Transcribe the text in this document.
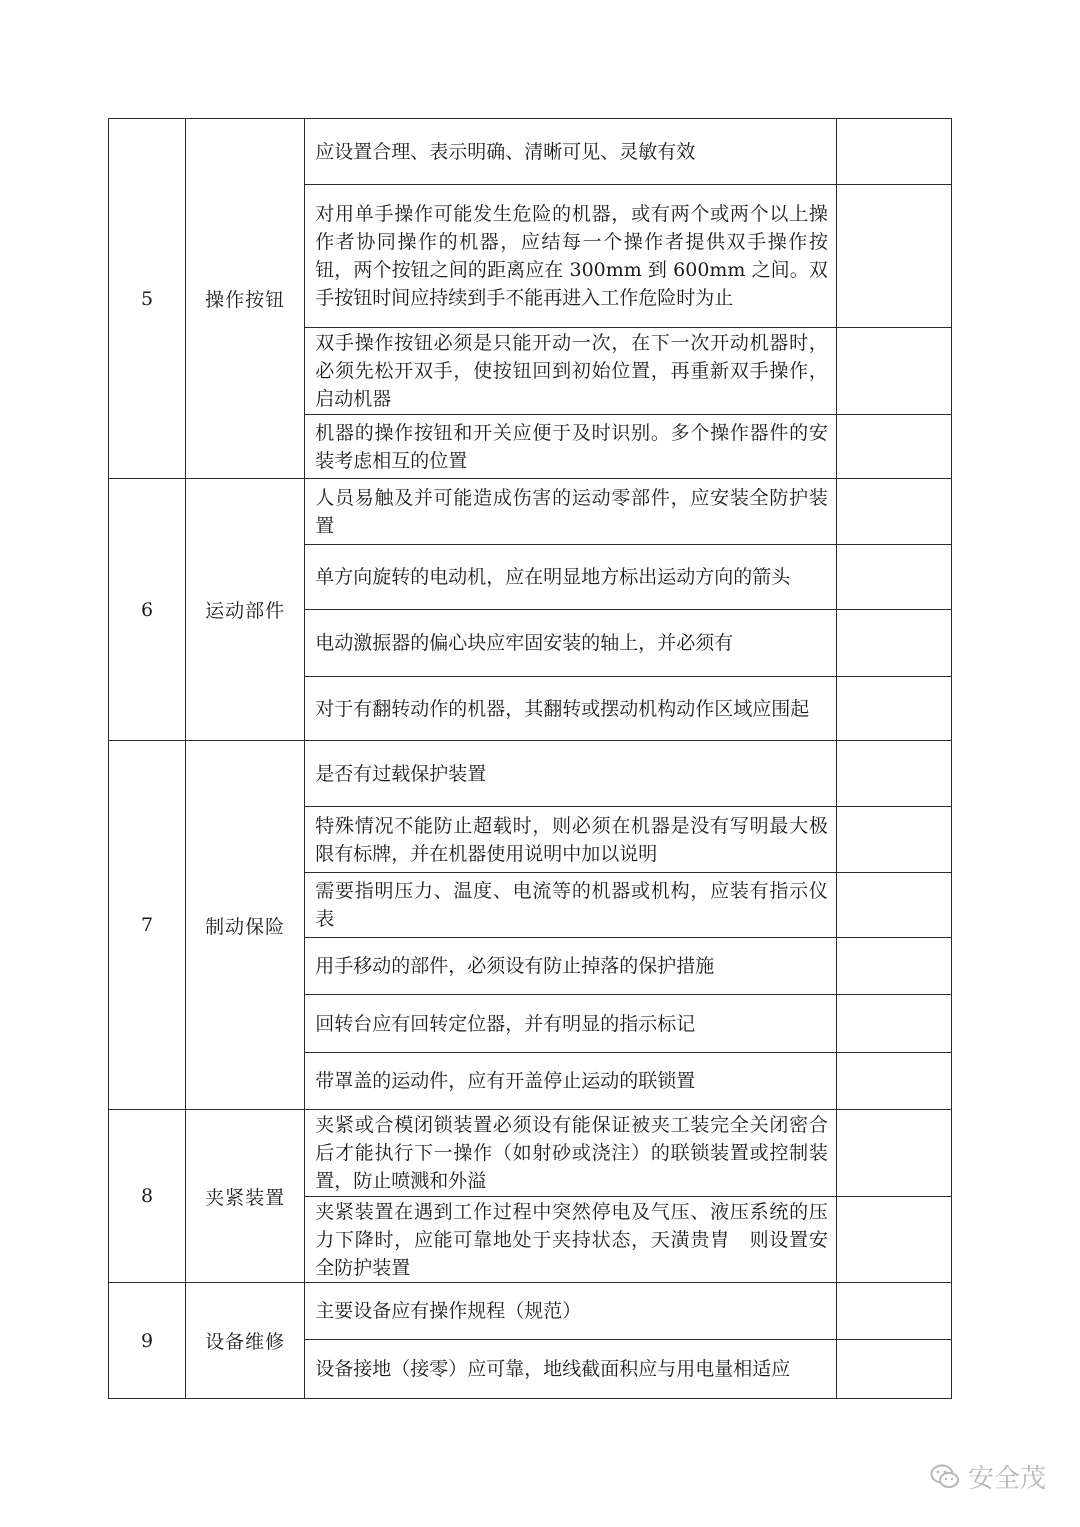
5	操作按钮	应设置合理、表示明确、清晰可见、灵敏有效	
		对用单手操作可能发生危险的机器，或有两个或两个以上操作者协同操作的机器，应结每一个操作者提供双手操作按钮，两个按钮之间的距离应在 300mm 到 600mm 之间。双手按钮时间应持续到手不能再进入工作危险时为止	
		双手操作按钮必须是只能开动一次，在下一次开动机器时，必须先松开双手，使按钮回到初始位置，再重新双手操作，启动机器	
		机器的操作按钮和开关应便于及时识别。多个操作器件的安装考虑相互的位置	
6	运动部件	人员易触及并可能造成伤害的运动零部件，应安装全防护装置	
		单方向旋转的电动机，应在明显地方标出运动方向的箭头	
		电动激振器的偏心块应牢固安装的轴上，并必须有	
		对于有翻转动作的机器，其翻转或摆动机构动作区域应围起	
7	制动保险	是否有过载保护装置	
		特殊情况不能防止超载时，则必须在机器是没有写明最大极限有标牌，并在机器使用说明中加以说明	
		需要指明压力、温度、电流等的机器或机构，应装有指示仪表	
		用手移动的部件，必须设有防止掉落的保护措施	
		回转台应有回转定位器，并有明显的指示标记	
		带罩盖的运动件，应有开盖停止运动的联锁置	
8	夹紧装置	夹紧或合模闭锁装置必须设有能保证被夹工装完全关闭密合后才能执行下一操作（如射砂或浇注）的联锁装置或控制装置，防止喷溅和外溢	
		夹紧装置在遇到工作过程中突然停电及气压、液压系统的压力下降时，应能可靠地处于夹持状态，天潢贵胄　则设置安全防护装置	
9	设备维修	主要设备应有操作规程（规范）	
		设备接地（接零）应可靠，地线截面积应与用电量相适应	
安全茂
